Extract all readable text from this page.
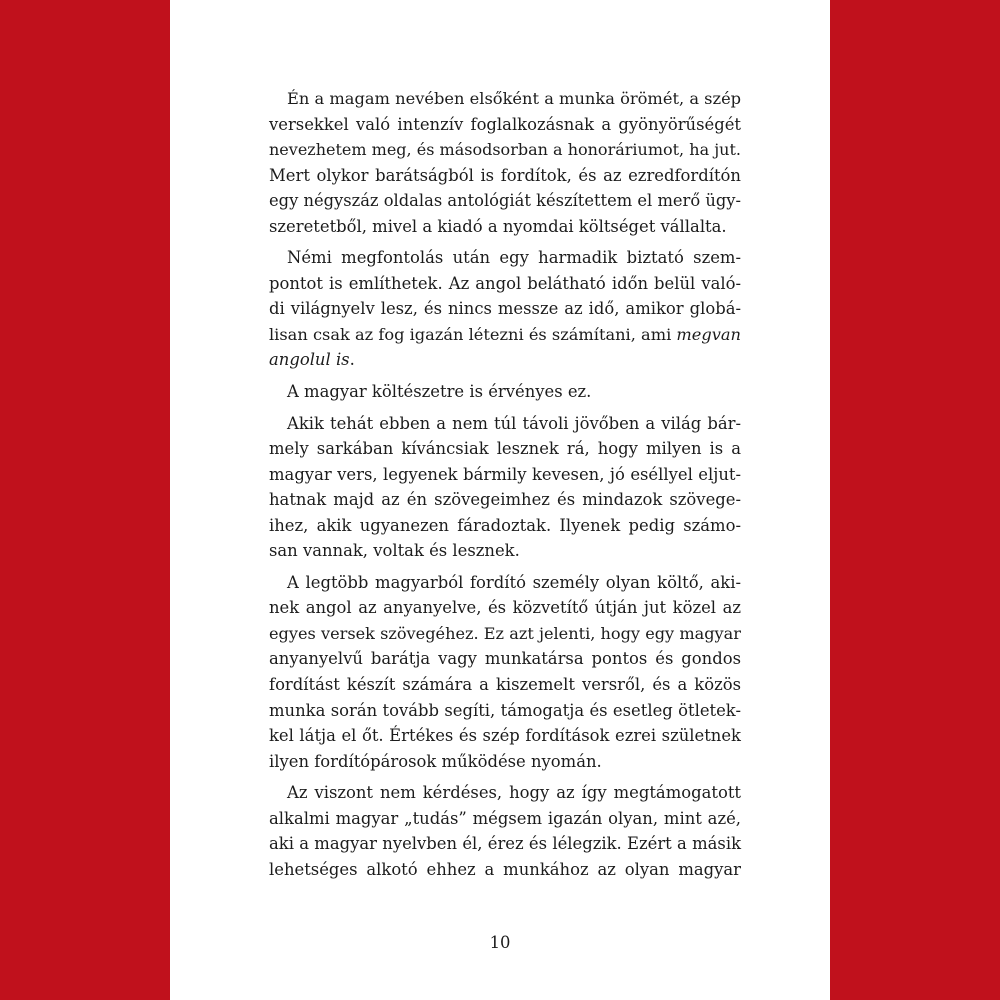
Én a magam nevében elsőként a munka örömét, a szép
versekkel való intenzív foglalkozásnak a gyönyörűségét
nevezhetem meg, és másodsorban a honoráriumot, ha jut.
Mert olykor barátságból is fordítok, és az ezredfordítón
egy négyszáz oldalas antológiát készítettem el merő ügy-
szeretetből, mivel a kiadó a nyomdai költséget vállalta.

Némi megfontolás után egy harmadik biztató szem-
pontot is említhetek. Az angol belátható időn belül való-
di világnyelv lesz, és nincs messze az idő, amikor globá-
lisan csak az fog igazán létezni és számítani, ami megvan
angolul is.

A magyar költészetre is érvényes ez.

Akik tehát ebben a nem túl távoli jövőben a világ bár-
mely sarkában kíváncsiak lesznek rá, hogy milyen is a
magyar vers, legyenek bármily kevesen, jó eséllyel eljut-
hatnak majd az én szövegeimhez és mindazok szövege-
ihez, akik ugyanezen fáradoztak. Ilyenek pedig számo-
san vannak, voltak és lesznek.

A legtöbb magyarból fordító személy olyan költő, aki-
nek angol az anyanyelve, és közvetítő útján jut közel az
egyes versek szövegéhez. Ez azt jelenti, hogy egy magyar
anyanyelvű barátja vagy munkatársa pontos és gondos
fordítást készít számára a kiszemelt versről, és a közös
munka során tovább segíti, támogatja és esetleg ötletek-
kel látja el őt. Értékes és szép fordítások ezrei születnek
ilyen fordítópárosok működése nyomán.

Az viszont nem kérdéses, hogy az így megtámogatott
alkalmi magyar „tudás” mégsem igazán olyan, mint azé,
aki a magyar nyelvben él, érez és lélegzik. Ezért a másik
lehetséges alkotó ehhez a munkához az olyan magyar

10
